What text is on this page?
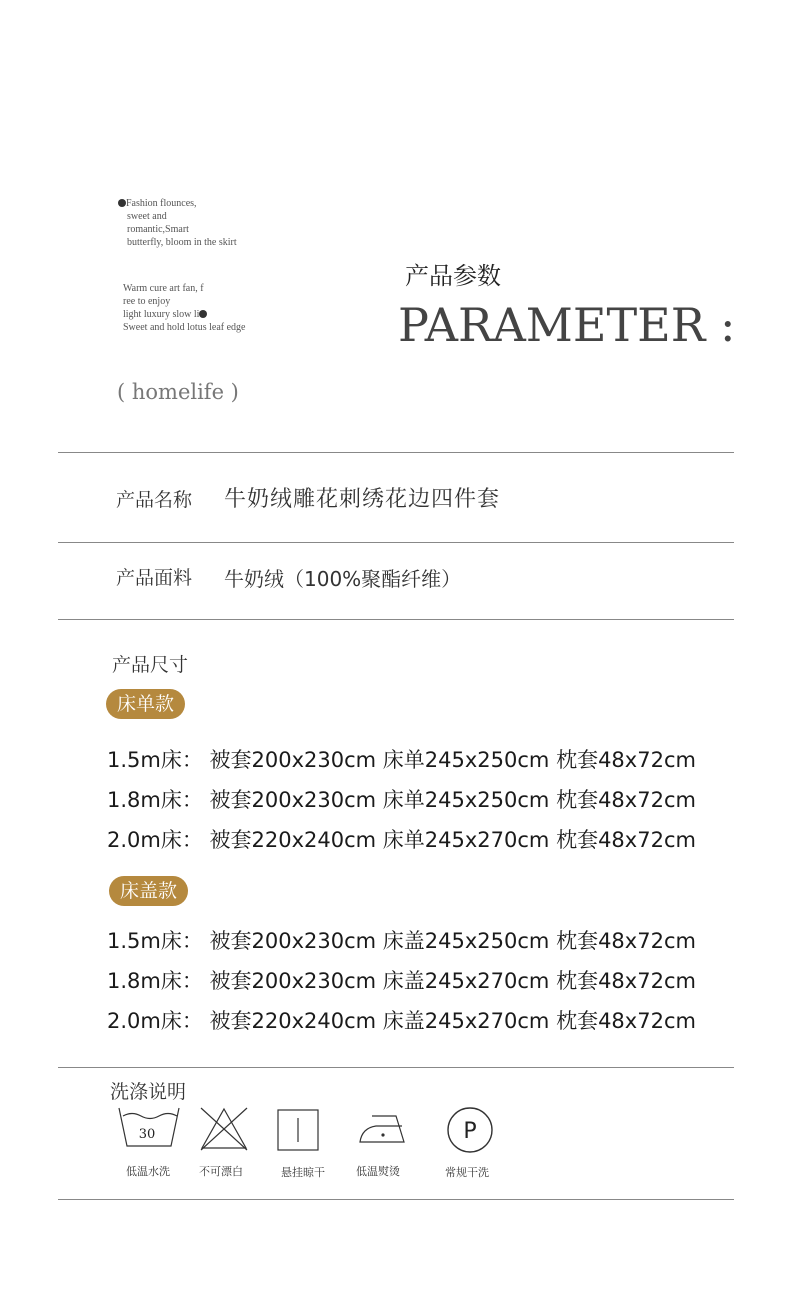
Fashion flounces,
sweet and
romantic,Smart
butterfly, bloom in the skirt
Warm cure art fan, f
ree to enjoy
light luxury slow li
Sweet and hold lotus leaf edge
产品参数
PARAMETER :
( homelife )
产品名称 牛奶绒雕花刺绣花边四件套
产品面料 牛奶绒（100%聚酯纤维）
产品尺寸
床单款
1.5m床： 被套200x230cm 床单245x250cm 枕套48x72cm
1.8m床： 被套200x230cm 床单245x250cm 枕套48x72cm
2.0m床： 被套220x240cm 床单245x270cm 枕套48x72cm
床盖款
1.5m床： 被套200x230cm 床盖245x250cm 枕套48x72cm
1.8m床： 被套200x230cm 床盖245x270cm 枕套48x72cm
2.0m床： 被套220x240cm 床盖245x270cm 枕套48x72cm
洗涤说明
30
低温水洗	不可漂白	悬挂晾干	低温熨烫
P
常规干洗
